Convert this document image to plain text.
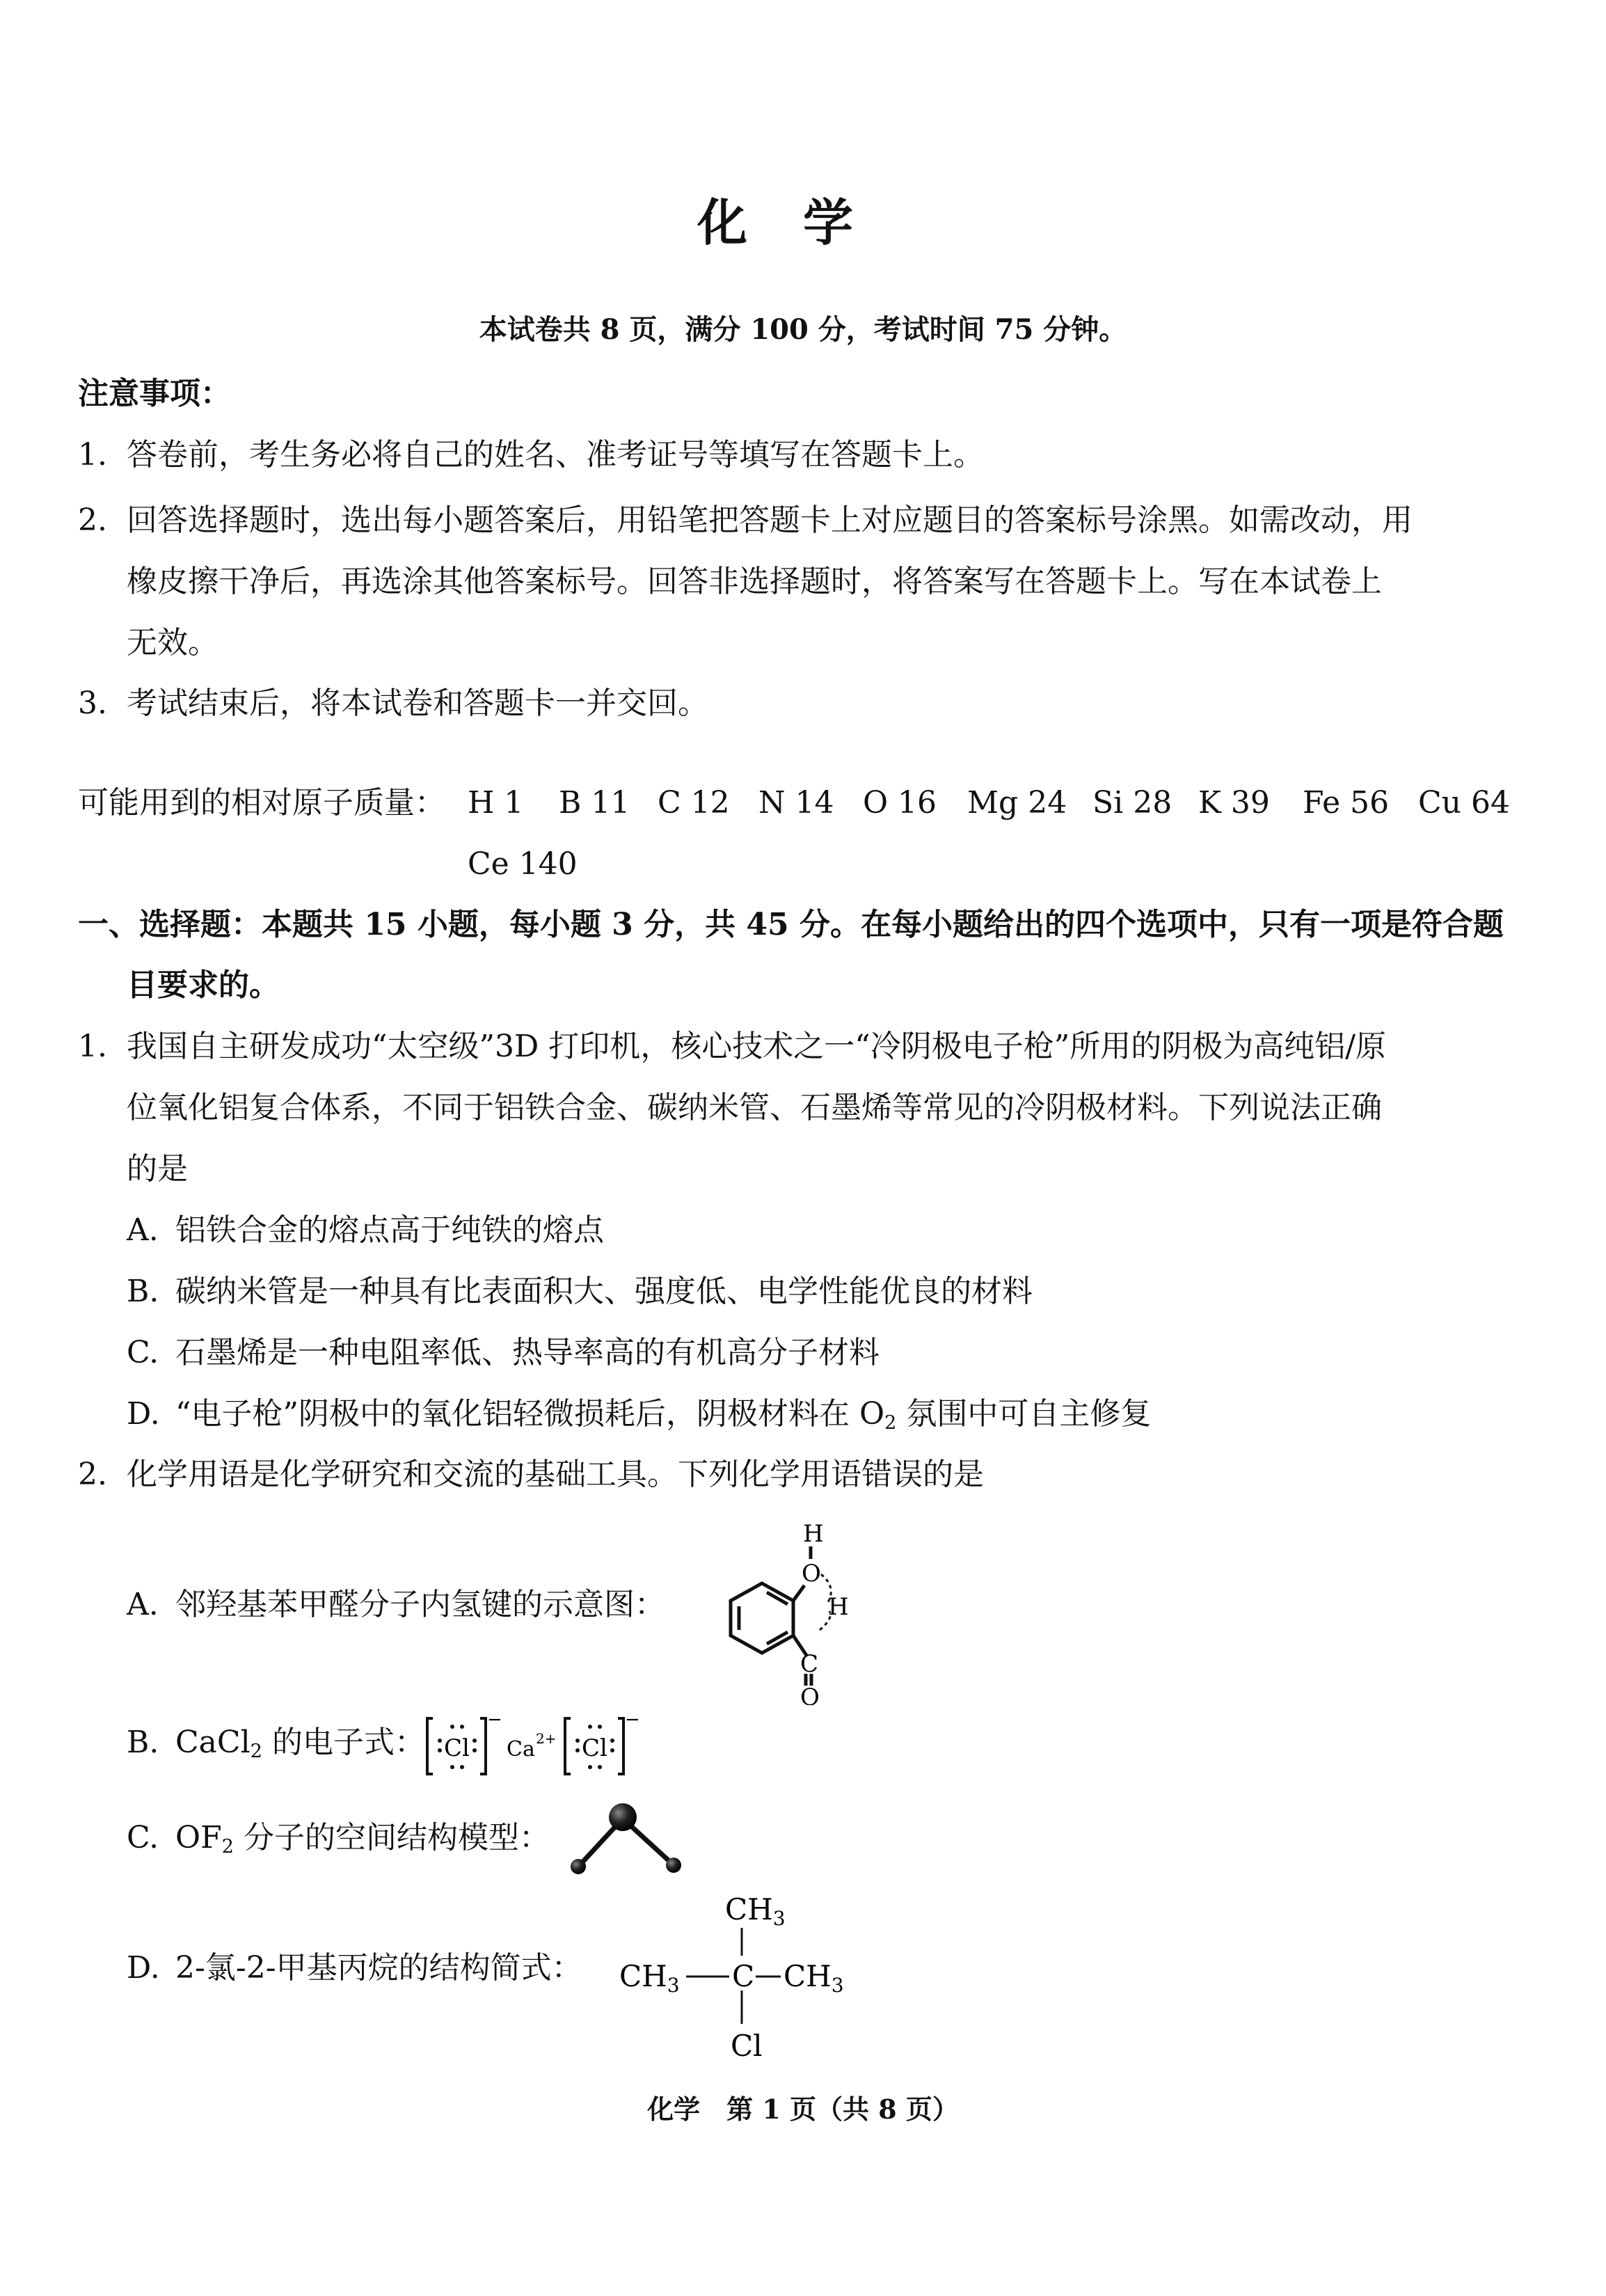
化学
本试卷共 8 页，满分 100 分，考试时间 75 分钟。
注意事项：
1. 答卷前，考生务必将自己的姓名、准考证号等填写在答题卡上。
2. 回答选择题时，选出每小题答案后，用铅笔把答题卡上对应题目的答案标号涂黑。如需改动，用
橡皮擦干净后，再选涂其他答案标号。回答非选择题时，将答案写在答题卡上。写在本试卷上
无效。
3. 考试结束后，将本试卷和答题卡一并交回。
可能用到的相对原子质量： H 1 B 11 C 12 N 14 O 16 Mg 24 Si 28 K 39 Fe 56 Cu 64
Ce 140
一、选择题：本题共 15 小题，每小题 3 分，共 45 分。在每小题给出的四个选项中，只有一项是符合题
目要求的。
1. 我国自主研发成功“太空级”3D 打印机，核心技术之一“冷阴极电子枪”所用的阴极为高纯铝/原
位氧化铝复合体系，不同于铝铁合金、碳纳米管、石墨烯等常见的冷阴极材料。下列说法正确
的是
A. 铝铁合金的熔点高于纯铁的熔点
B. 碳纳米管是一种具有比表面积大、强度低、电学性能优良的材料
C. 石墨烯是一种电阻率低、热导率高的有机高分子材料
D. “电子枪”阴极中的氧化铝轻微损耗后，阴极材料在 $O_2$ 氛围中可自主修复
2. 化学用语是化学研究和交流的基础工具。下列化学用语错误的是
A. 邻羟基苯甲醛分子内氢键的示意图：
H
O
H
C
O
B. CaCl$_2$ 的电子式： Cl
−
Ca 2+ Cl
−
C. $OF_2$ 分子的空间结构模型：
D. 2-氯-2-甲基丙烷的结构简式：
CH3
CH3 C CH3
Cl
化学　第 1 页（共 8 页）
